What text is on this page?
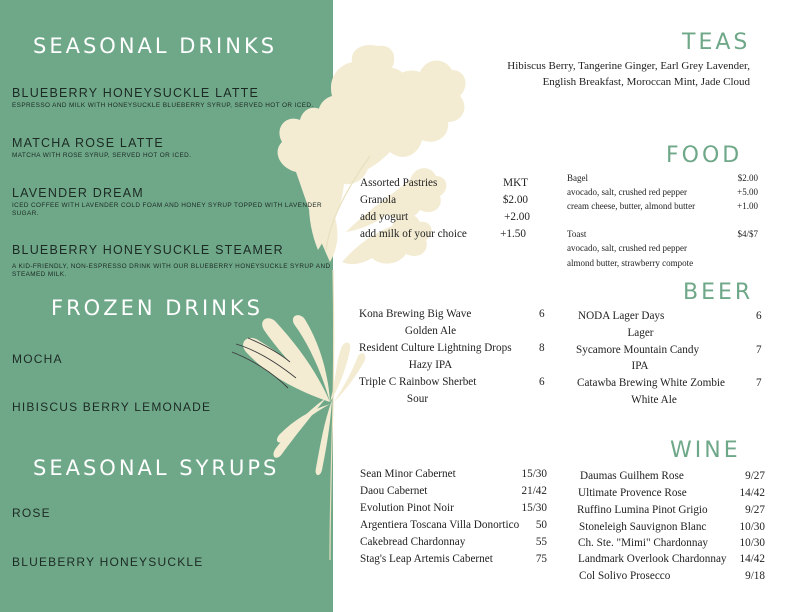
SEASONAL DRINKS
BLUEBERRY HONEYSUCKLE LATTE
ESPRESSO AND MILK WITH HONEYSUCKLE BLUEBERRY SYRUP, SERVED HOT OR ICED.
MATCHA ROSE LATTE
MATCHA WITH ROSE SYRUP, SERVED HOT OR ICED.
LAVENDER DREAM
ICED COFFEE WITH LAVENDER COLD FOAM AND HONEY SYRUP TOPPED WITH LAVENDER SUGAR.
BLUEBERRY HONEYSUCKLE STEAMER
A KID-FRIENDLY, NON-ESPRESSO DRINK WITH OUR BLUEBERRY HONEYSUCKLE SYRUP AND STEAMED MILK.
FROZEN DRINKS
MOCHA
HIBISCUS BERRY LEMONADE
SEASONAL SYRUPS
ROSE
BLUEBERRY HONEYSUCKLE
TEAS
Hibiscus Berry, Tangerine Ginger, Earl Grey Lavender,
English Breakfast, Moroccan Mint, Jade Cloud
FOOD
Assorted Pastries	MKT
Granola	$2.00
add yogurt	+2.00
add milk of your choice	+1.50
Bagel	$2.00
avocado, salt, crushed red pepper	+5.00
cream cheese, butter, almond butter	+1.00
Toast	$4/$7
avocado, salt, crushed red pepper
almond butter, strawberry compote
BEER
Kona Brewing Big Wave
Golden Ale
6
Resident Culture Lightning Drops
Hazy IPA
8
Triple C Rainbow Sherbet
Sour
6
NODA Lager Days
Lager
6
Sycamore Mountain Candy
IPA
7
Catawba Brewing White Zombie
White Ale
7
WINE
Sean Minor Cabernet	15/30
Daou Cabernet	21/42
Evolution Pinot Noir	15/30
Argentiera Toscana Villa Donortico	50
Cakebread Chardonnay	55
Stag's Leap Artemis Cabernet	75
Daumas Guilhem Rose	9/27
Ultimate Provence Rose	14/42
Ruffino Lumina Pinot Grigio	9/27
Stoneleigh Sauvignon Blanc	10/30
Ch. Ste. "Mimi" Chardonnay	10/30
Landmark Overlook Chardonnay	14/42
Col Solivo Prosecco	9/18
